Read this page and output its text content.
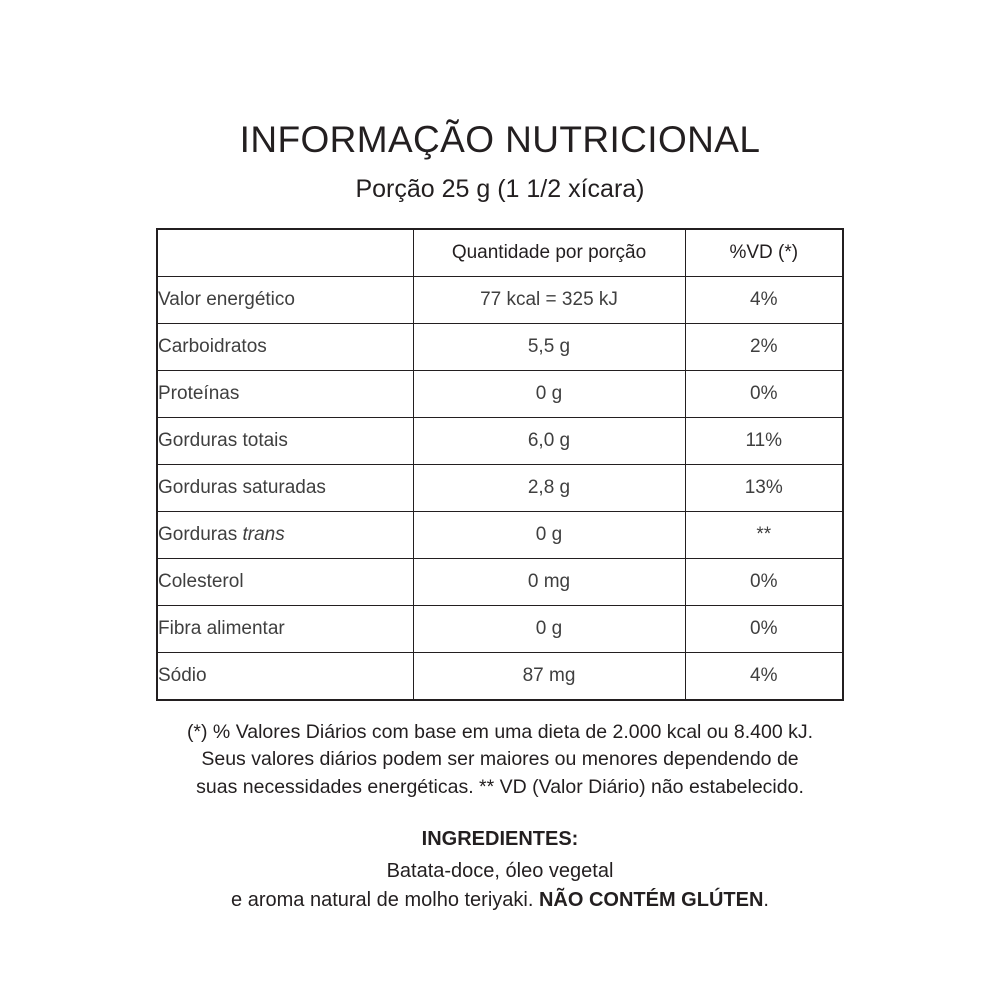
INFORMAÇÃO NUTRICIONAL
Porção 25 g (1 1/2 xícara)
	Quantidade por porção	%VD (*)
Valor energético	77 kcal = 325 kJ	4%
Carboidratos	5,5 g	2%
Proteínas	0 g	0%
Gorduras totais	6,0 g	11%
Gorduras saturadas	2,8 g	13%
Gorduras trans	0 g	**
Colesterol	0 mg	0%
Fibra alimentar	0 g	0%
Sódio	87 mg	4%
(*) % Valores Diários com base em uma dieta de 2.000 kcal ou 8.400 kJ.
Seus valores diários podem ser maiores ou menores dependendo de
suas necessidades energéticas. ** VD (Valor Diário) não estabelecido.
INGREDIENTES:
Batata-doce, óleo vegetal
e aroma natural de molho teriyaki. NÃO CONTÉM GLÚTEN.
